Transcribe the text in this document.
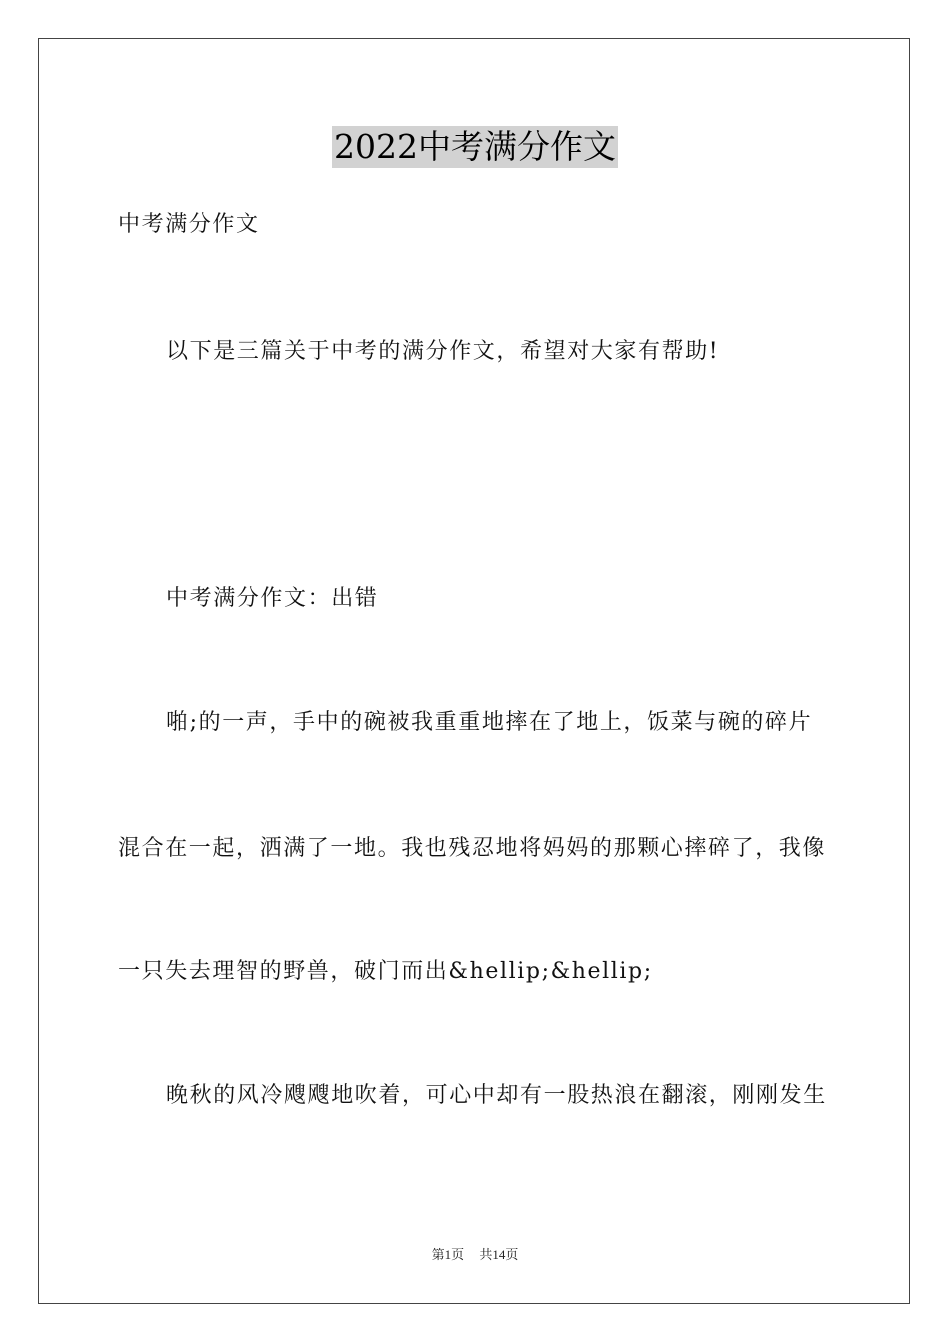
2022中考满分作文
中考满分作文
以下是三篇关于中考的满分作文，希望对大家有帮助!
中考满分作文：出错
啪;的一声，手中的碗被我重重地摔在了地上，饭菜与碗的碎片
混合在一起，洒满了一地。我也残忍地将妈妈的那颗心摔碎了，我像
一只失去理智的野兽，破门而出&hellip;&hellip;
晚秋的风冷飕飕地吹着，可心中却有一股热浪在翻滚，刚刚发生
第1页 共14页
